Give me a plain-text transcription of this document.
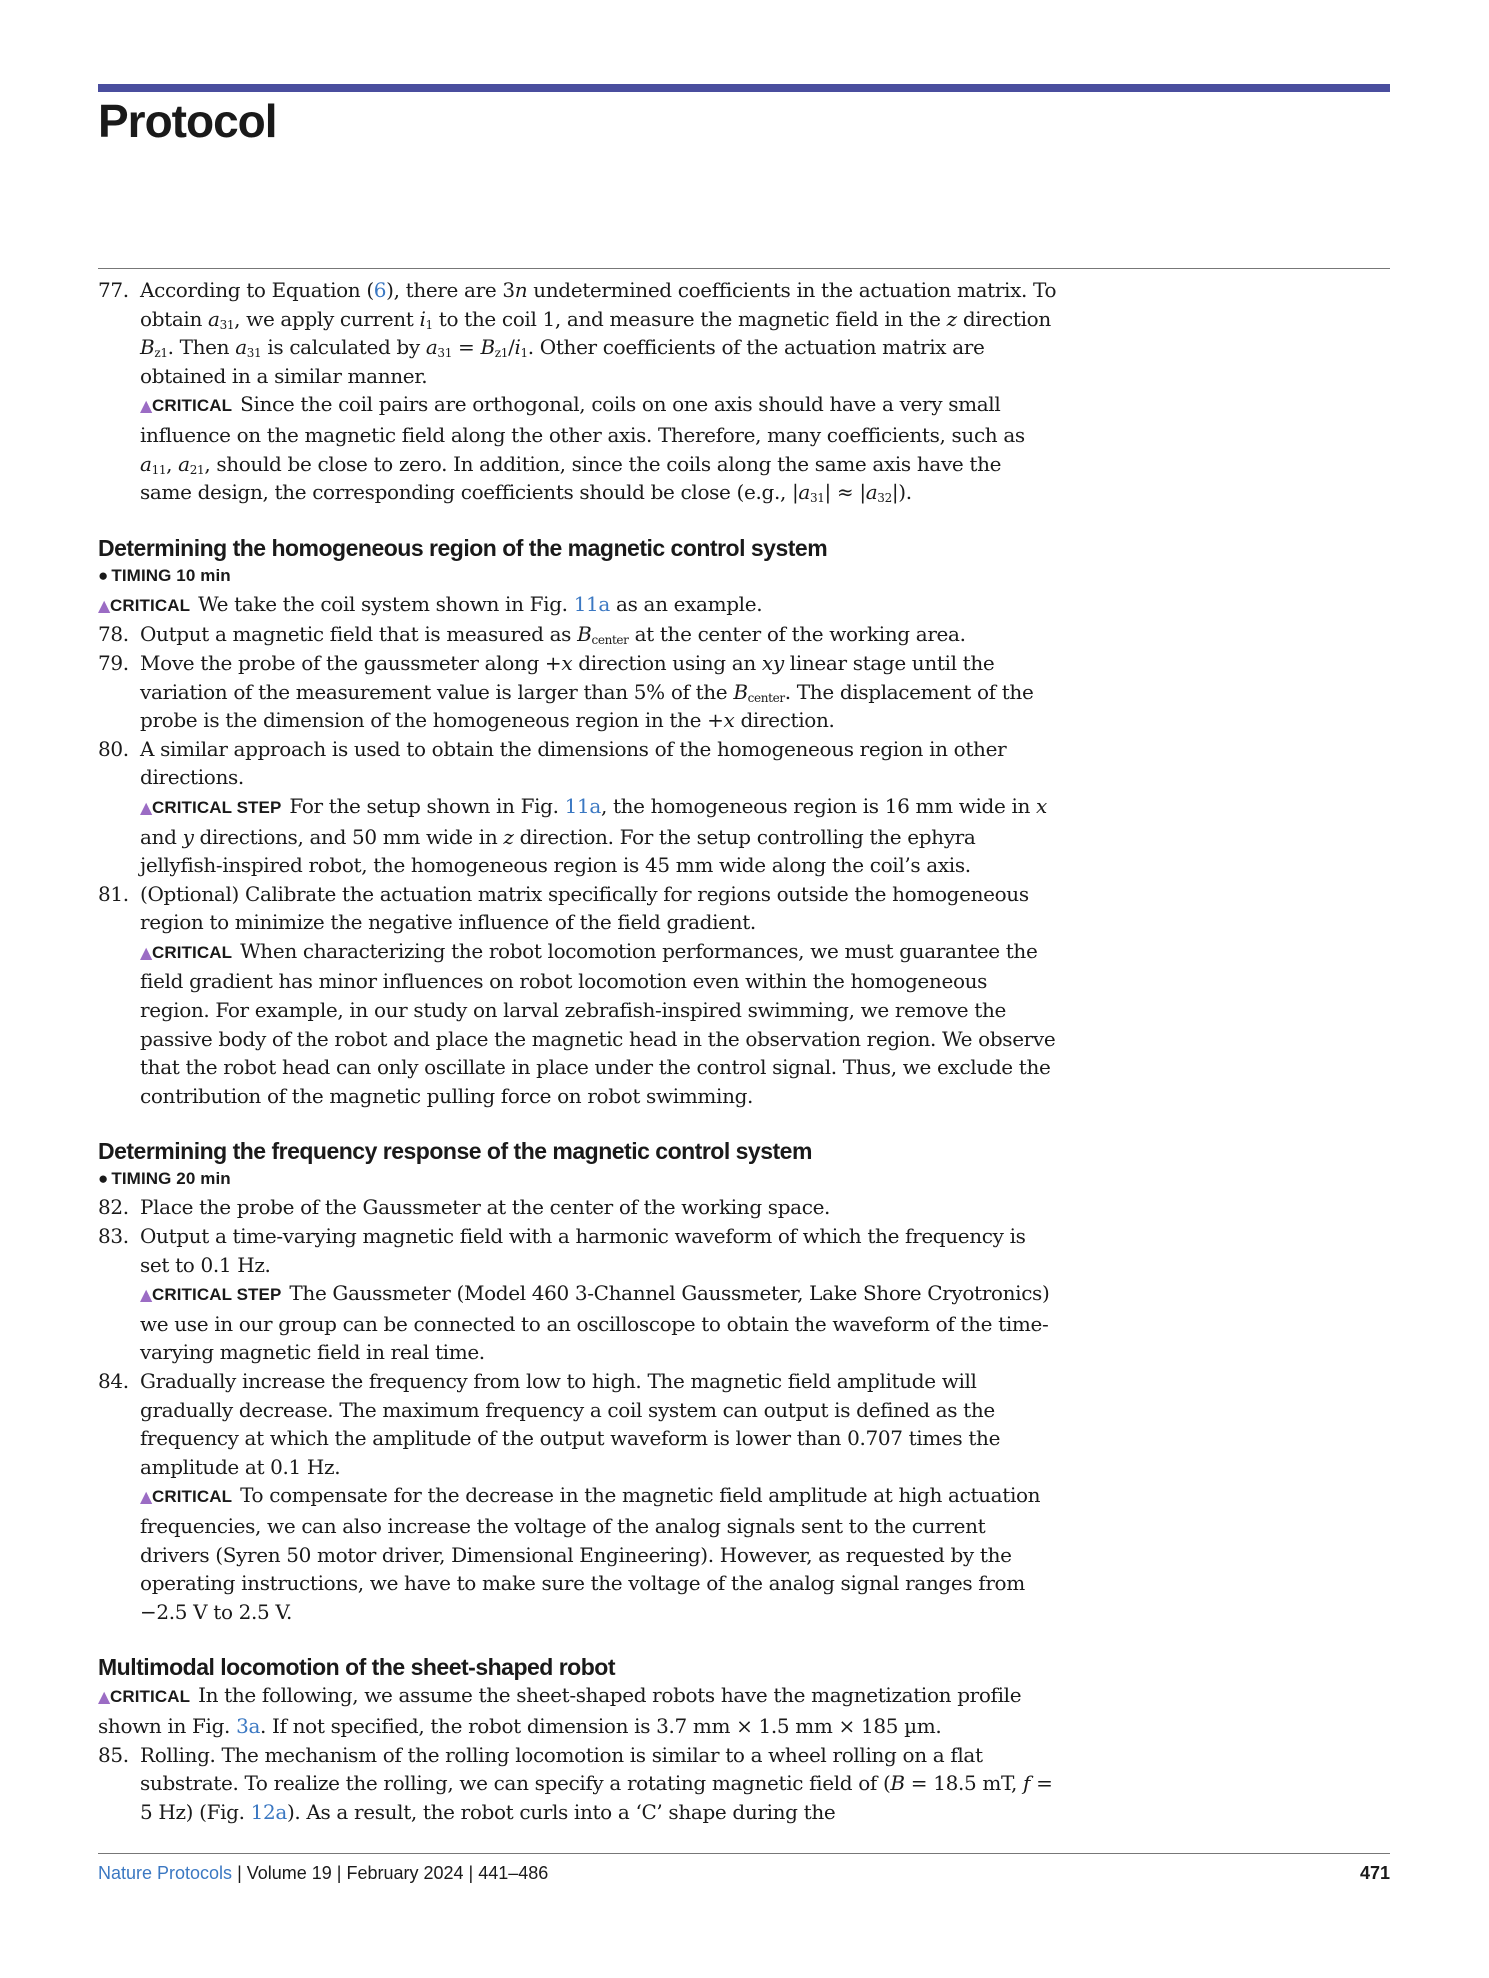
Protocol
77. According to Equation (6), there are 3n undetermined coefficients in the actuation matrix. To obtain $a_{31}$, we apply current $i_1$ to the coil 1, and measure the magnetic field in the z direction $B_{z1}$. Then $a_{31}$ is calculated by $a_{31} = B_{z1}/i_1$. Other coefficients of the actuation matrix are obtained in a similar manner.
▲CRITICAL Since the coil pairs are orthogonal, coils on one axis should have a very small influence on the magnetic field along the other axis. Therefore, many coefficients, such as $a_{11}$, $a_{21}$, should be close to zero. In addition, since the coils along the same axis have the same design, the corresponding coefficients should be close (e.g., $|a_{31}| \approx |a_{32}|$).
Determining the homogeneous region of the magnetic control system
● TIMING 10 min
▲CRITICAL We take the coil system shown in Fig. 11a as an example.
78. Output a magnetic field that is measured as $B_{center}$ at the center of the working area.
79. Move the probe of the gaussmeter along +x direction using an xy linear stage until the variation of the measurement value is larger than 5% of the $B_{center}$. The displacement of the probe is the dimension of the homogeneous region in the +x direction.
80. A similar approach is used to obtain the dimensions of the homogeneous region in other directions.
▲CRITICAL STEP For the setup shown in Fig. 11a, the homogeneous region is 16 mm wide in x and y directions, and 50 mm wide in z direction. For the setup controlling the ephyra jellyfish-inspired robot, the homogeneous region is 45 mm wide along the coil’s axis.
81. (Optional) Calibrate the actuation matrix specifically for regions outside the homogeneous region to minimize the negative influence of the field gradient.
▲CRITICAL When characterizing the robot locomotion performances, we must guarantee the field gradient has minor influences on robot locomotion even within the homogeneous region. For example, in our study on larval zebrafish-inspired swimming, we remove the passive body of the robot and place the magnetic head in the observation region. We observe that the robot head can only oscillate in place under the control signal. Thus, we exclude the contribution of the magnetic pulling force on robot swimming.
Determining the frequency response of the magnetic control system
● TIMING 20 min
82. Place the probe of the Gaussmeter at the center of the working space.
83. Output a time-varying magnetic field with a harmonic waveform of which the frequency is set to 0.1 Hz.
▲CRITICAL STEP The Gaussmeter (Model 460 3-Channel Gaussmeter, Lake Shore Cryotronics) we use in our group can be connected to an oscilloscope to obtain the waveform of the time-varying magnetic field in real time.
84. Gradually increase the frequency from low to high. The magnetic field amplitude will gradually decrease. The maximum frequency a coil system can output is defined as the frequency at which the amplitude of the output waveform is lower than 0.707 times the amplitude at 0.1 Hz.
▲CRITICAL To compensate for the decrease in the magnetic field amplitude at high actuation frequencies, we can also increase the voltage of the analog signals sent to the current drivers (Syren 50 motor driver, Dimensional Engineering). However, as requested by the operating instructions, we have to make sure the voltage of the analog signal ranges from −2.5 V to 2.5 V.
Multimodal locomotion of the sheet-shaped robot
▲CRITICAL In the following, we assume the sheet-shaped robots have the magnetization profile shown in Fig. 3a. If not specified, the robot dimension is 3.7 mm × 1.5 mm × 185 µm.
85. Rolling. The mechanism of the rolling locomotion is similar to a wheel rolling on a flat substrate. To realize the rolling, we can specify a rotating magnetic field of (B = 18.5 mT, f = 5 Hz) (Fig. 12a). As a result, the robot curls into a ‘C’ shape during the
Nature Protocols | Volume 19 | February 2024 | 441–486	471
